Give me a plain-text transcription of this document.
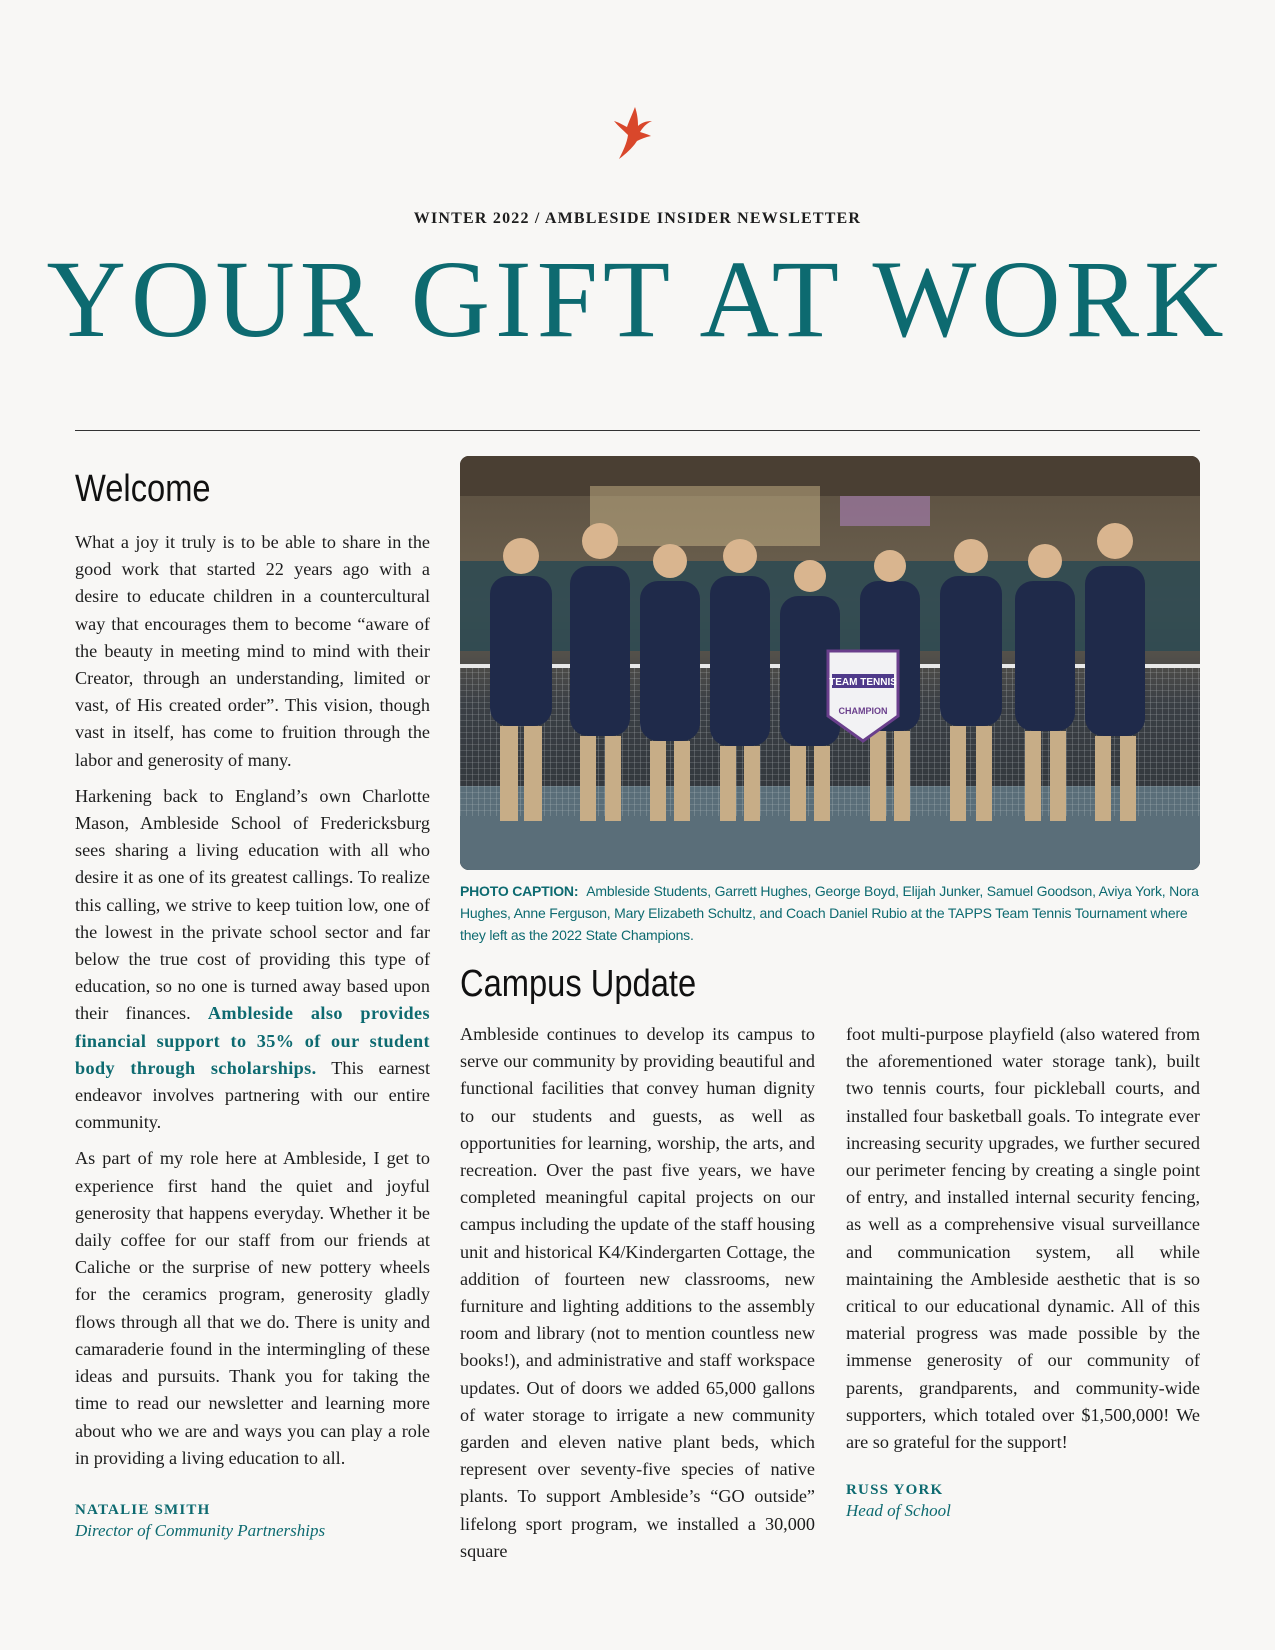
WINTER 2022 / AMBLESIDE INSIDER NEWSLETTER
YOUR GIFT AT WORK
Welcome

What a joy it truly is to be able to share in the good work that started 22 years ago with a desire to educate children in a countercultural way that encourages them to become “aware of the beauty in meeting mind to mind with their Creator, through an understanding, limited or vast, of His created order”. This vision, though vast in itself, has come to fruition through the labor and generosity of many.

Harkening back to England’s own Charlotte Mason, Ambleside School of Fredericksburg sees sharing a living education with all who desire it as one of its greatest callings. To realize this calling, we strive to keep tuition low, one of the lowest in the private school sector and far below the true cost of providing this type of education, so no one is turned away based upon their finances. Ambleside also provides financial support to 35% of our student body through scholarships. This earnest endeavor involves partnering with our entire community.

As part of my role here at Ambleside, I get to experience first hand the quiet and joyful generosity that happens everyday. Whether it be daily coffee for our staff from our friends at Caliche or the surprise of new pottery wheels for the ceramics program, generosity gladly flows through all that we do. There is unity and camaraderie found in the intermingling of these ideas and pursuits. Thank you for taking the time to read our newsletter and learning more about who we are and ways you can play a role in providing a living education to all.

NATALIE SMITH
Director of Community Partnerships
TEAM TENNIS
CHAMPION
PHOTO CAPTION: Ambleside Students, Garrett Hughes, George Boyd, Elijah Junker, Samuel Goodson, Aviya York, Nora Hughes, Anne Ferguson, Mary Elizabeth Schultz, and Coach Daniel Rubio at the TAPPS Team Tennis Tournament where they left as the 2022 State Champions.
Campus Update

Ambleside continues to develop its campus to serve our community by providing beautiful and functional facilities that convey human dignity to our students and guests, as well as opportunities for learning, worship, the arts, and recreation. Over the past five years, we have completed meaningful capital projects on our campus including the update of the staff housing unit and historical K4/Kindergarten Cottage, the addition of fourteen new classrooms, new furniture and lighting additions to the assembly room and library (not to mention countless new books!), and administrative and staff workspace updates. Out of doors we added 65,000 gallons of water storage to irrigate a new community garden and eleven native plant beds, which represent over seventy-five species of native plants. To support Ambleside’s “GO outside” lifelong sport program, we installed a 30,000 square

foot multi-purpose playfield (also watered from the aforementioned water storage tank), built two tennis courts, four pickleball courts, and installed four basketball goals. To integrate ever increasing security upgrades, we further secured our perimeter fencing by creating a single point of entry, and installed internal security fencing, as well as a comprehensive visual surveillance and communication system, all while maintaining the Ambleside aesthetic that is so critical to our educational dynamic. All of this material progress was made possible by the immense generosity of our community of parents, grandparents, and community-wide supporters, which totaled over $1,500,000! We are so grateful for the support!

RUSS YORK
Head of School
